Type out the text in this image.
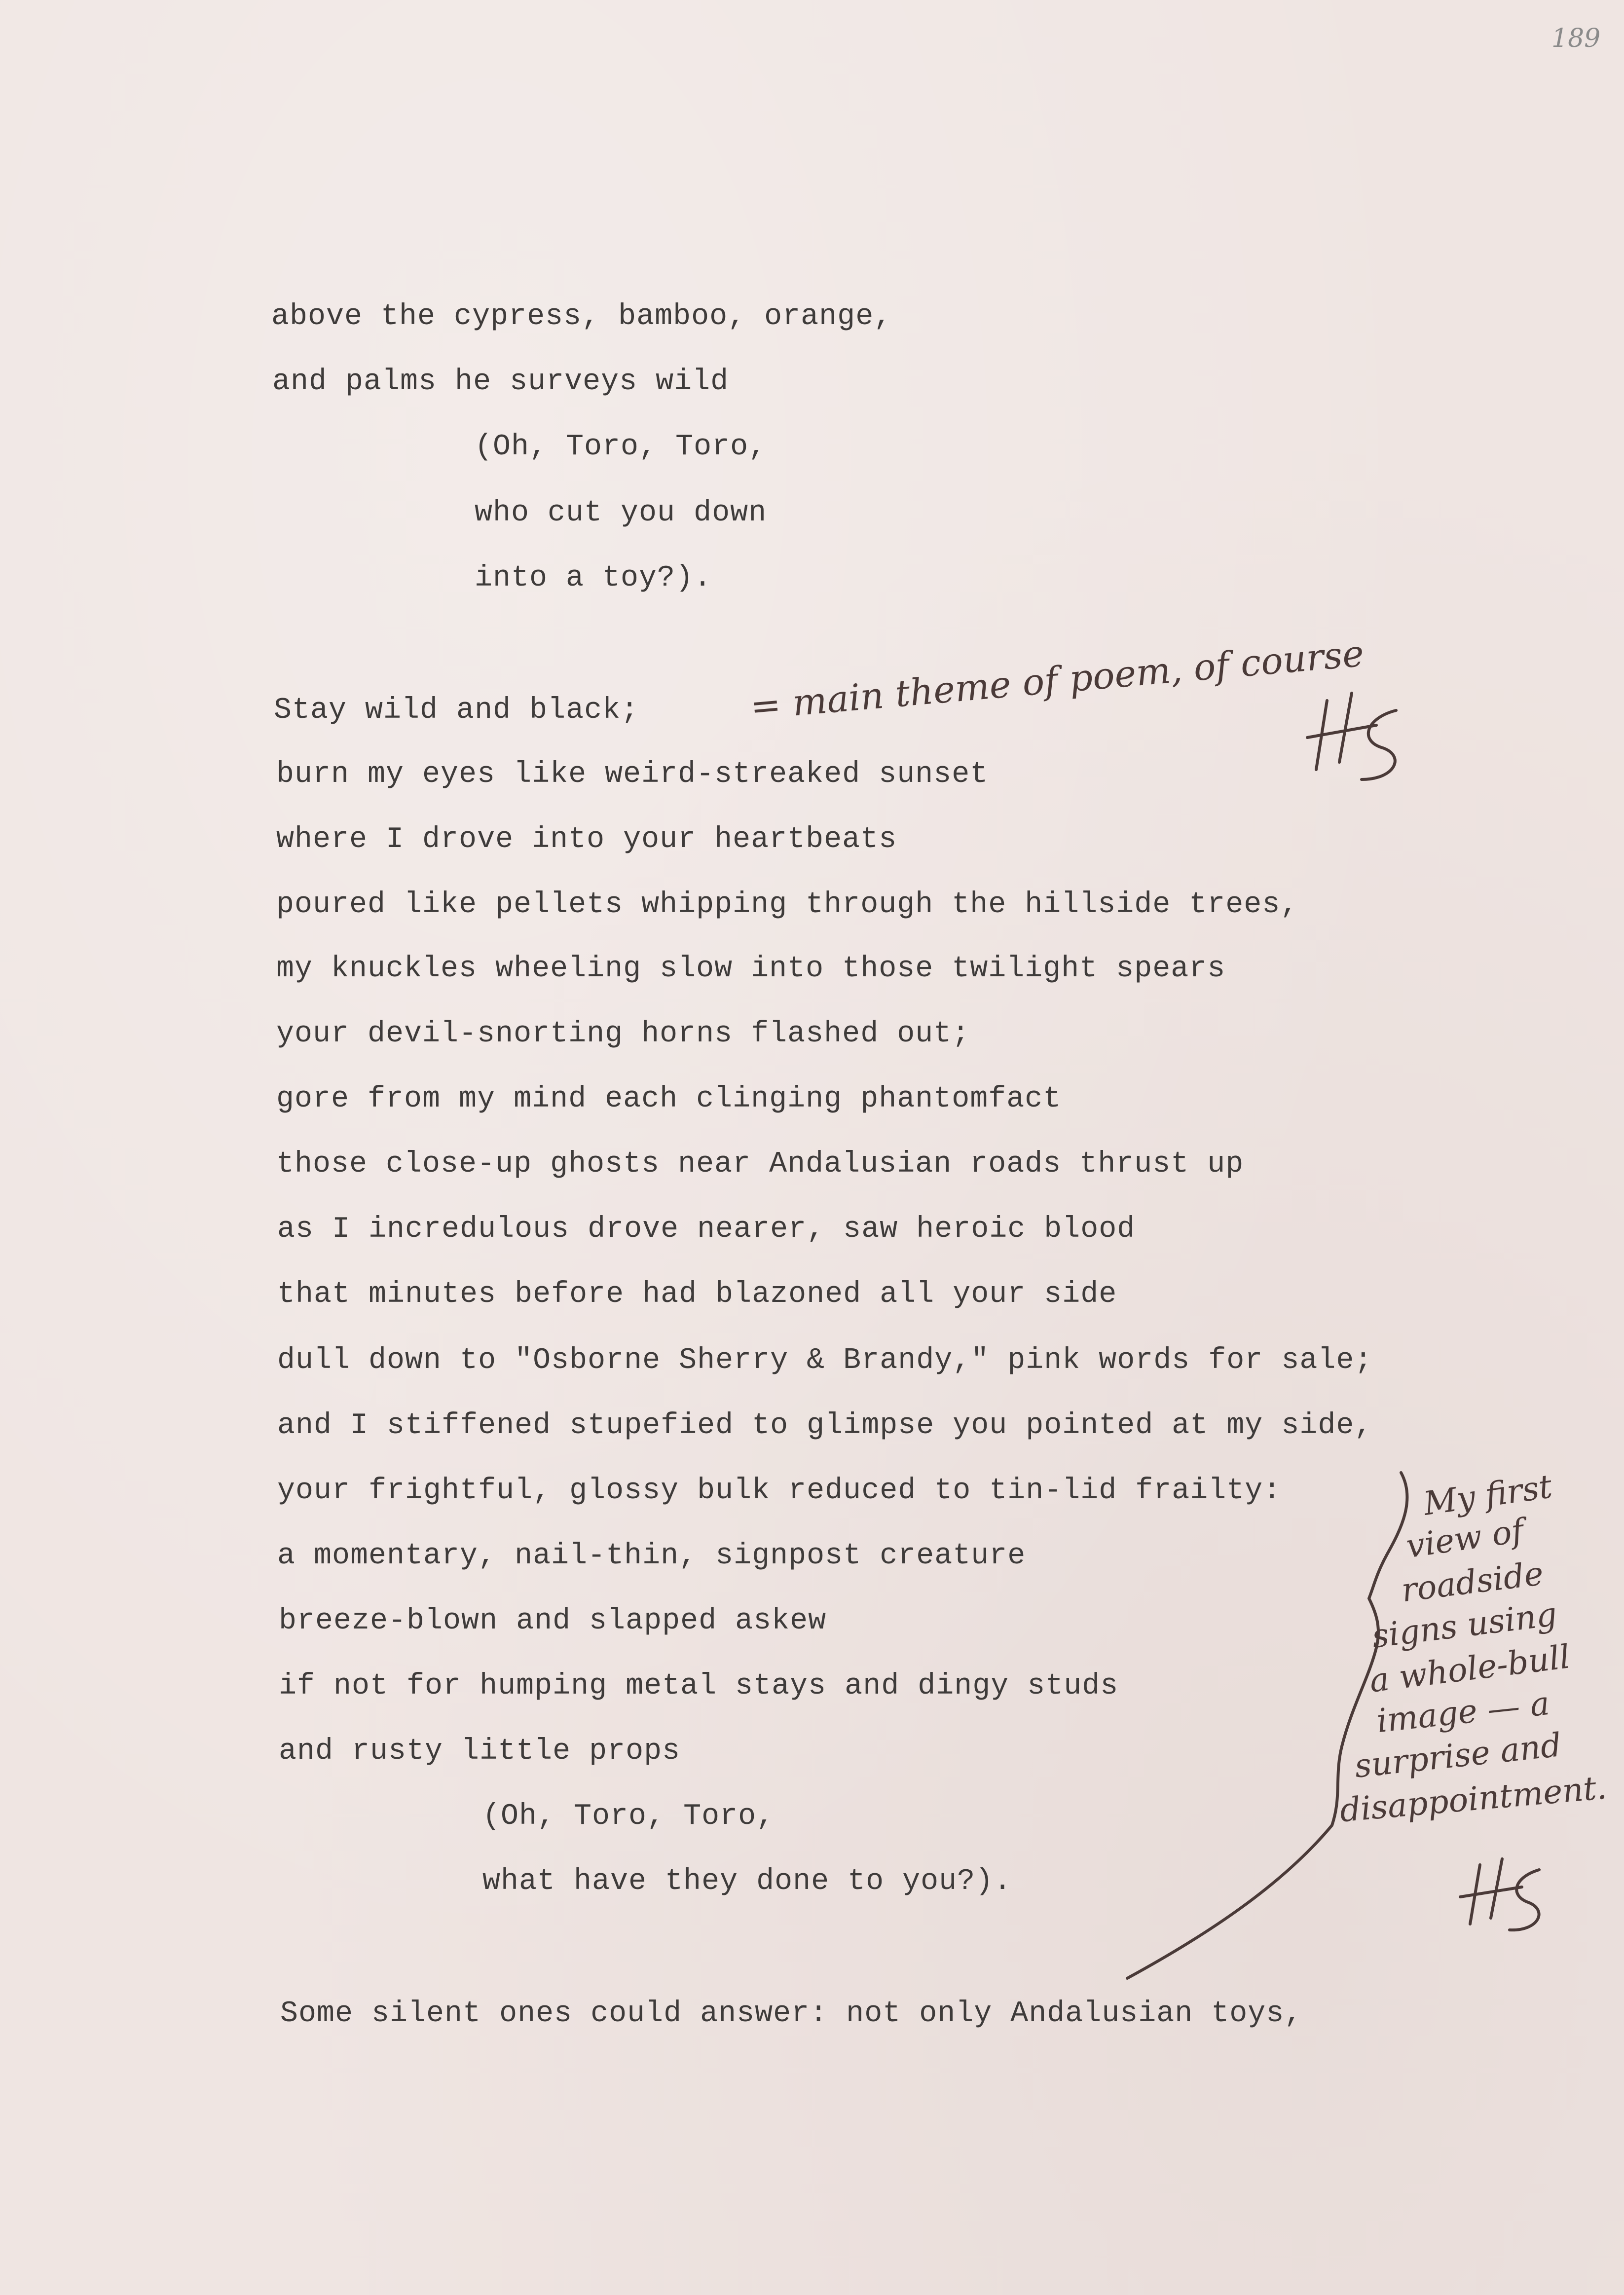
189
above the cypress, bamboo, orange,
and palms he surveys wild
(Oh, Toro, Toro,
who cut you down
into a toy?).
Stay wild and black;
burn my eyes like weird-streaked sunset
where I drove into your heartbeats
poured like pellets whipping through the hillside trees,
my knuckles wheeling slow into those twilight spears
your devil-snorting horns flashed out;
gore from my mind each clinging phantomfact
those close-up ghosts near Andalusian roads thrust up
as I incredulous drove nearer, saw heroic blood
that minutes before had blazoned all your side
dull down to "Osborne Sherry & Brandy," pink words for sale;
and I stiffened stupefied to glimpse you pointed at my side,
your frightful, glossy bulk reduced to tin-lid frailty:
a momentary, nail-thin, signpost creature
breeze-blown and slapped askew
if not for humping metal stays and dingy studs
and rusty little props
(Oh, Toro, Toro,
what have they done to you?).
Some silent ones could answer: not only Andalusian toys,
= main theme of poem, of course
My first
view of
roadside
signs using
a whole-bull
image — a
surprise and
disappointment.
